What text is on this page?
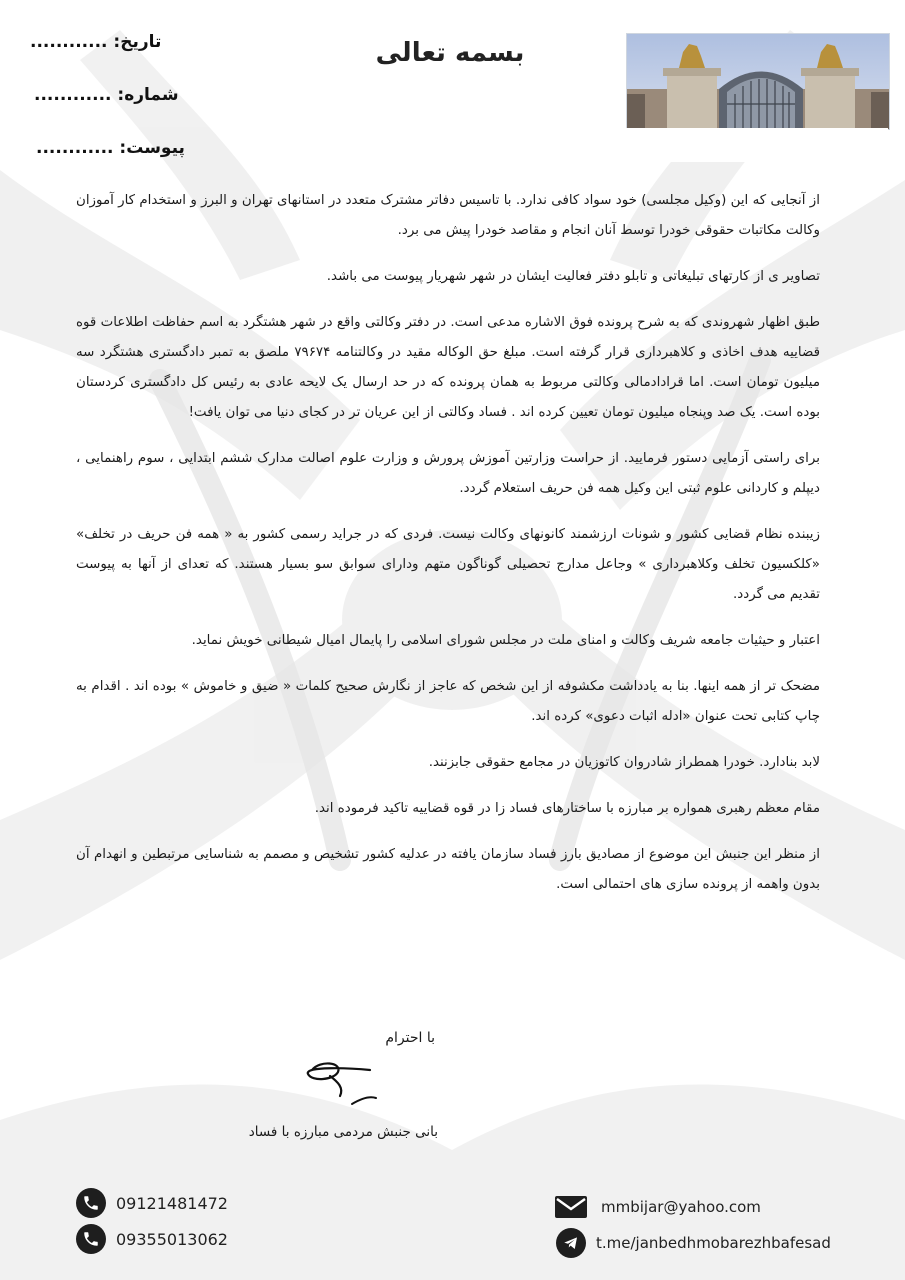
تاریخ: ............
شماره: ............
پیوست: ............
بسمه تعالی

از آنجایی که این (وکیل مجلسی) خود سواد کافی ندارد. با تاسیس دفاتر مشترک متعدد در استانهای تهران و البرز و استخدام کار آموزان وکالت مکاتبات حقوقی خودرا توسط آنان انجام و مقاصد خودرا پیش می برد.

تصاویر ی از کارتهای تبلیغاتی و تابلو دفتر فعالیت ایشان در شهر شهریار پیوست می باشد.

طبق اظهار شهروندی که به شرح پرونده فوق الاشاره مدعی است. در دفتر وکالتی واقع در شهر هشتگرد به اسم حفاظت اطلاعات قوه قضاییه هدف اخاذی و کلاهبرداری قرار گرفته است. مبلغ حق الوکاله مقید در وکالتنامه ۷۹۶۷۴ ملصق به تمبر دادگستری هشتگرد سه میلیون تومان است. اما قرادادمالی وکالتی مربوط به همان پرونده که در حد ارسال یک لایحه عادی به رئیس کل دادگستری کردستان بوده است. یک صد وپنجاه میلیون تومان تعیین کرده اند . فساد وکالتی از این عریان تر در کجای دنیا می توان یافت!

برای راستی آزمایی دستور فرمایید. از حراست وزارتین آموزش پرورش و وزارت علوم اصالت مدارک ششم ابتدایی ، سوم راهنمایی ، دیپلم و کاردانی علوم ثبتی این وکیل همه فن حریف استعلام گردد.

زیبنده نظام قضایی کشور و شونات ارزشمند کانونهای وکالت نیست. فردی که در جراید رسمی کشور به « همه فن حریف در تخلف» «کلکسیون تخلف وکلاهبرداری » وجاعل مدارج تحصیلی گوناگون متهم ودارای سوابق سو بسیار هستند. که تعدای از آنها به پیوست تقدیم می گردد.

اعتبار و حیثیات جامعه شریف وکالت و امنای ملت در مجلس شورای اسلامی را پایمال امیال شیطانی خویش نماید.

مضحک تر از همه اینها. بنا به یادداشت مکشوفه از این شخص که عاجز از نگارش صحیح کلمات « ضیق و خاموش » بوده اند . اقدام به چاپ کتابی تحت عنوان «ادله اثبات دعوی» کرده اند.

لابد بنادارد. خودرا همطراز شادروان کاتوزیان در مجامع حقوقی جابزنند.

مقام معظم رهبری همواره بر مبارزه با ساختارهای فساد زا در قوه قضاییه تاکید فرموده اند.

از منظر این جنبش این موضوع از مصادیق بارز فساد سازمان یافته در عدلیه کشور تشخیص و مصمم به شناسایی مرتبطین و انهدام آن بدون واهمه از پرونده سازی های احتمالی است.

با احترام
بانی جنبش مردمی مبارزه با فساد
09121481472
09355013062
mmbijar@yahoo.com
t.me/janbedhmobarezhbafesad
